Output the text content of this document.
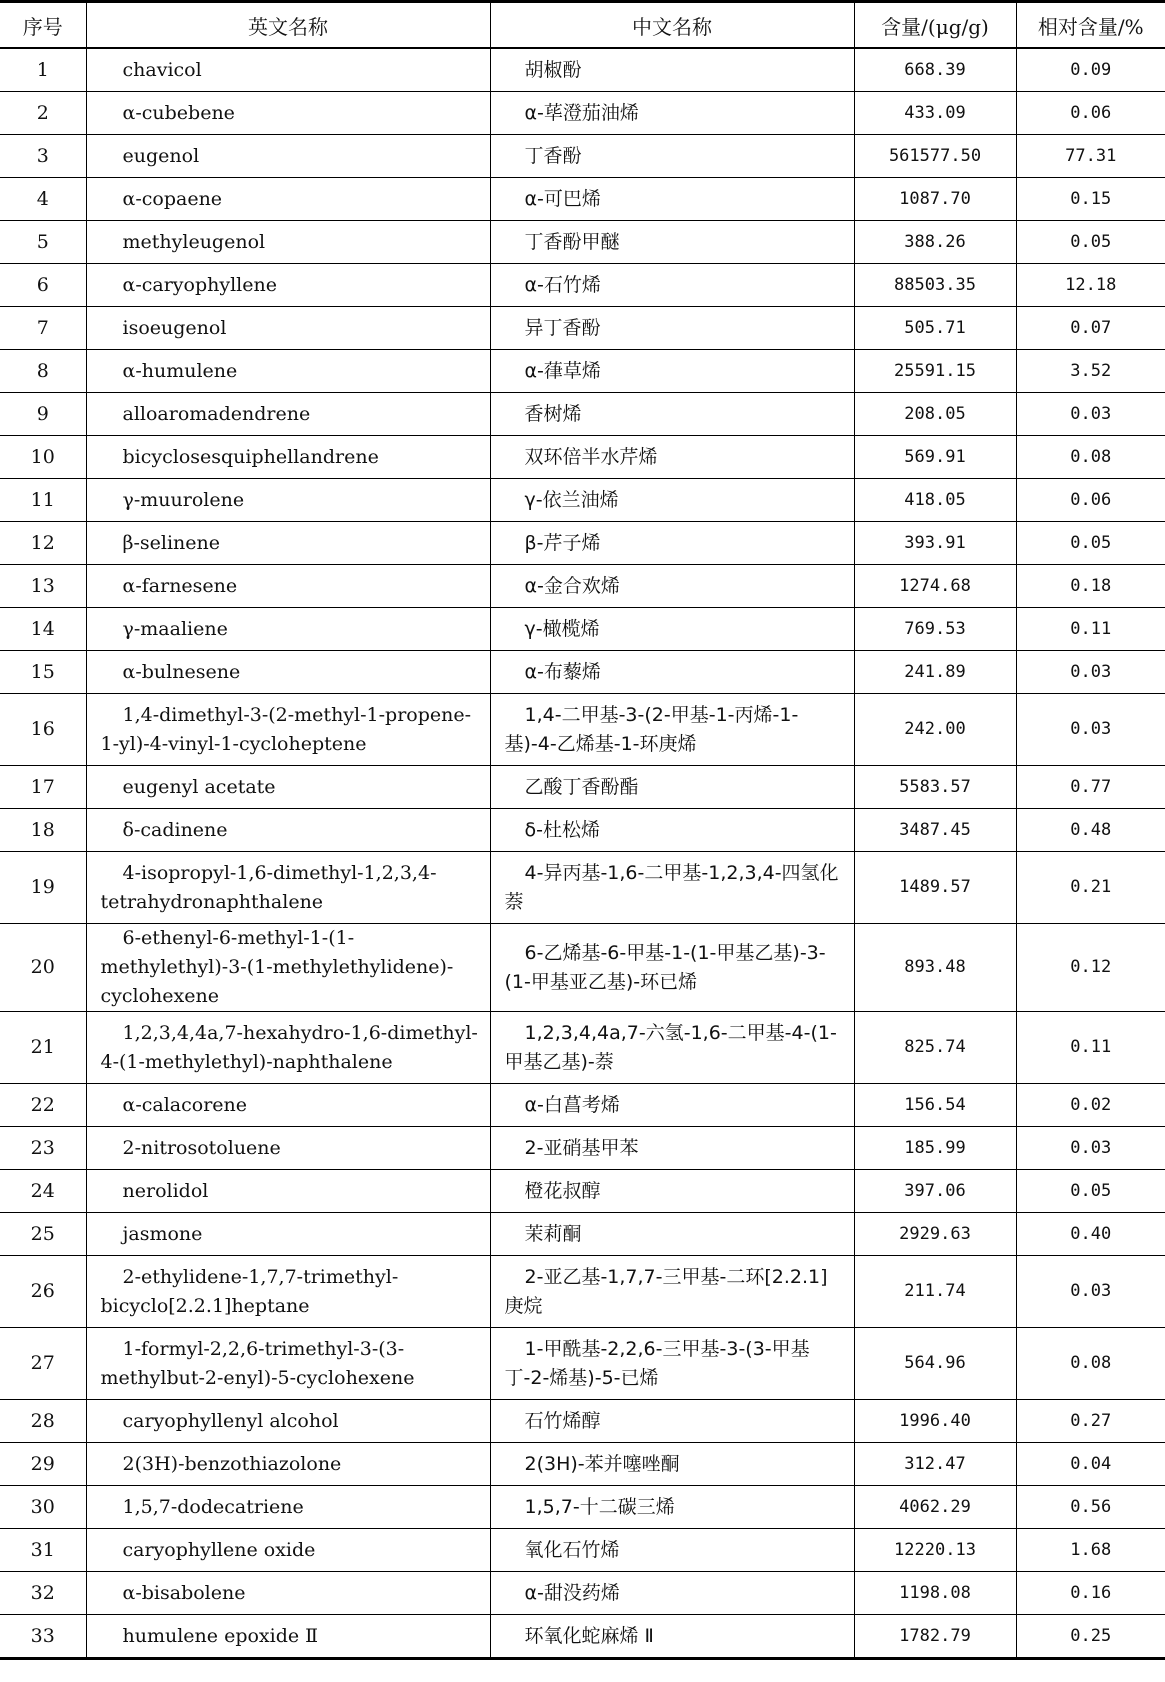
序号	英文名称	中文名称	含量/(μg/g)	相对含量/%
1	chavicol	胡椒酚	668.39	0.09
2	α-cubebene	α-荜澄茄油烯	433.09	0.06
3	eugenol	丁香酚	561577.50	77.31
4	α-copaene	α-可巴烯	1087.70	0.15
5	methyleugenol	丁香酚甲醚	388.26	0.05
6	α-caryophyllene	α-石竹烯	88503.35	12.18
7	isoeugenol	异丁香酚	505.71	0.07
8	α-humulene	α-葎草烯	25591.15	3.52
9	alloaromadendrene	香树烯	208.05	0.03
10	bicyclosesquiphellandrene	双环倍半水芹烯	569.91	0.08
11	γ-muurolene	γ-依兰油烯	418.05	0.06
12	β-selinene	β-芹子烯	393.91	0.05
13	α-farnesene	α-金合欢烯	1274.68	0.18
14	γ-maaliene	γ-橄榄烯	769.53	0.11
15	α-bulnesene	α-布藜烯	241.89	0.03
16	1,4-dimethyl-3-(2-methyl-1-propene-1-yl)-4-vinyl-1-cycloheptene	1,4-二甲基-3-(2-甲基-1-丙烯-1-基)-4-乙烯基-1-环庚烯	242.00	0.03
17	eugenyl acetate	乙酸丁香酚酯	5583.57	0.77
18	δ-cadinene	δ-杜松烯	3487.45	0.48
19	4-isopropyl-1,6-dimethyl-1,2,3,4-tetrahydronaphthalene	4-异丙基-1,6-二甲基-1,2,3,4-四氢化萘	1489.57	0.21
20	6-ethenyl-6-methyl-1-(1-methylethyl)-3-(1-methylethylidene)-cyclohexene	6-乙烯基-6-甲基-1-(1-甲基乙基)-3-(1-甲基亚乙基)-环已烯	893.48	0.12
21	1,2,3,4,4a,7-hexahydro-1,6-dimethyl-4-(1-methylethyl)-naphthalene	1,2,3,4,4a,7-六氢-1,6-二甲基-4-(1-甲基乙基)-萘	825.74	0.11
22	α-calacorene	α-白菖考烯	156.54	0.02
23	2-nitrosotoluene	2-亚硝基甲苯	185.99	0.03
24	nerolidol	橙花叔醇	397.06	0.05
25	jasmone	茉莉酮	2929.63	0.40
26	2-ethylidene-1,7,7-trimethyl-bicyclo[2.2.1]heptane	2-亚乙基-1,7,7-三甲基-二环[2.2.1]庚烷	211.74	0.03
27	1-formyl-2,2,6-trimethyl-3-(3-methylbut-2-enyl)-5-cyclohexene	1-甲酰基-2,2,6-三甲基-3-(3-甲基丁-2-烯基)-5-已烯	564.96	0.08
28	caryophyllenyl alcohol	石竹烯醇	1996.40	0.27
29	2(3H)-benzothiazolone	2(3H)-苯并噻唑酮	312.47	0.04
30	1,5,7-dodecatriene	1,5,7-十二碳三烯	4062.29	0.56
31	caryophyllene oxide	氧化石竹烯	12220.13	1.68
32	α-bisabolene	α-甜没药烯	1198.08	0.16
33	humulene epoxide Ⅱ	环氧化蛇麻烯 Ⅱ	1782.79	0.25
